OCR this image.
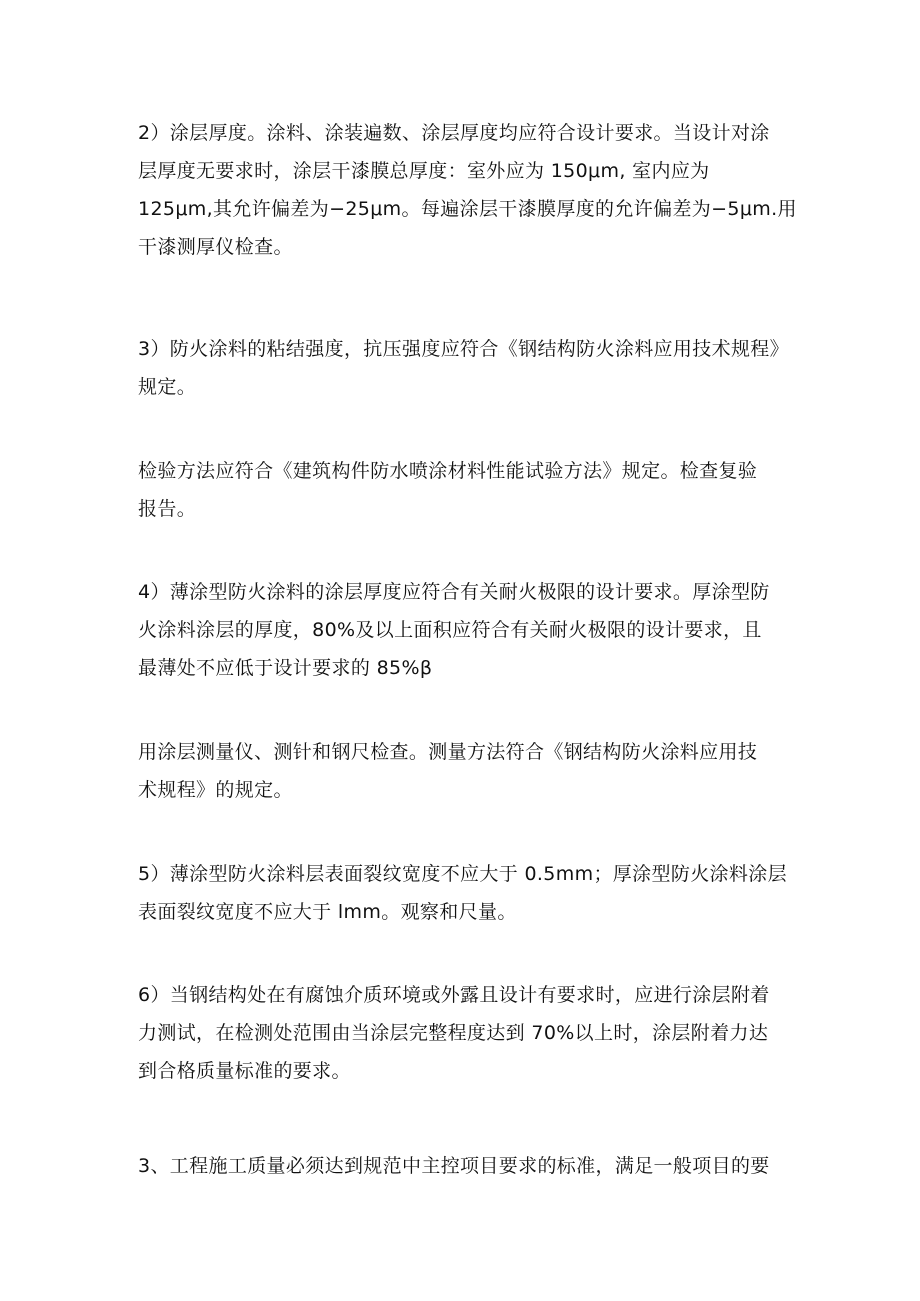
2）涂层厚度。涂料、涂装遍数、涂层厚度均应符合设计要求。当设计对涂
层厚度无要求时，涂层干漆膜总厚度：室外应为 150μm, 室内应为
125μm,其允许偏差为−25μm。每遍涂层干漆膜厚度的允许偏差为−5μm.用
干漆测厚仪检查。
3）防火涂料的粘结强度，抗压强度应符合《钢结构防火涂料应用技术规程》
规定。
检验方法应符合《建筑构件防水喷涂材料性能试验方法》规定。检查复验
报告。
4）薄涂型防火涂料的涂层厚度应符合有关耐火极限的设计要求。厚涂型防
火涂料涂层的厚度，80%及以上面积应符合有关耐火极限的设计要求，且
最薄处不应低于设计要求的 85%β
用涂层测量仪、测针和钢尺检查。测量方法符合《钢结构防火涂料应用技
术规程》的规定。
5）薄涂型防火涂料层表面裂纹宽度不应大于 0.5mm；厚涂型防火涂料涂层
表面裂纹宽度不应大于 lmm。观察和尺量。
6）当钢结构处在有腐蚀介质环境或外露且设计有要求时，应进行涂层附着
力测试，在检测处范围由当涂层完整程度达到 70%以上时，涂层附着力达
到合格质量标准的要求。
3、工程施工质量必须达到规范中主控项目要求的标准，满足一般项目的要
